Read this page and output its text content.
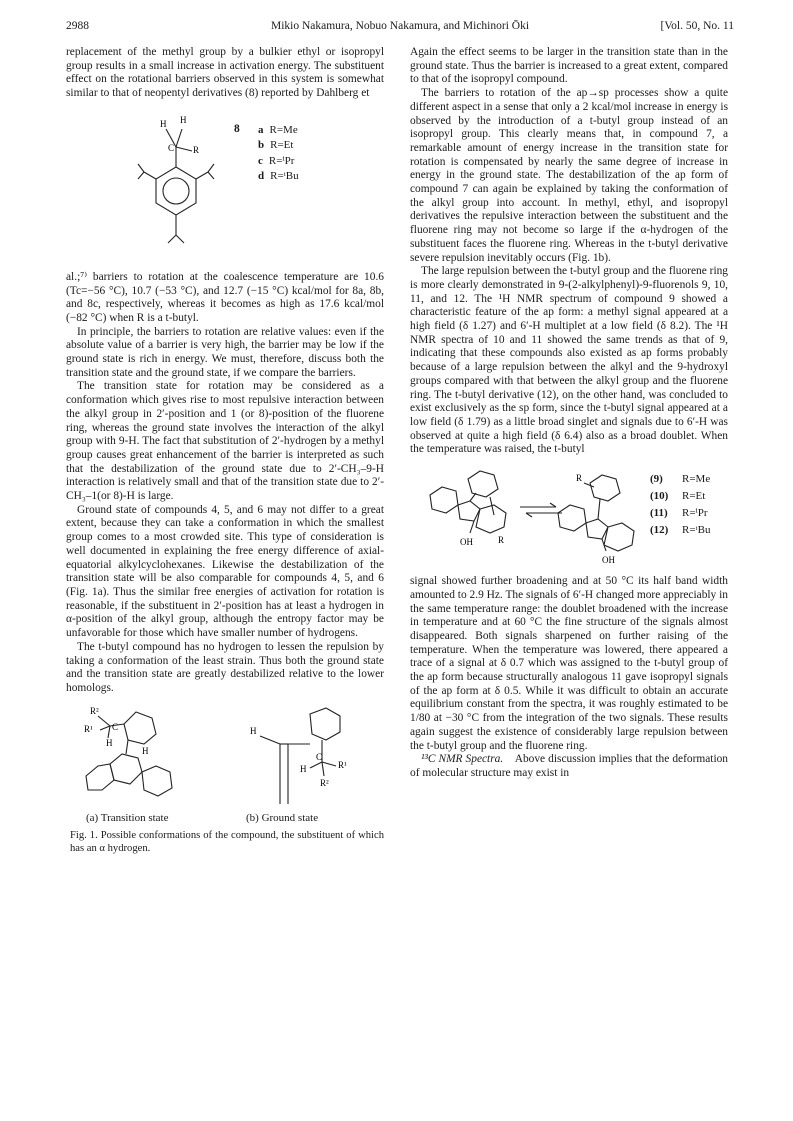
2988	Mikio Nakamura, Nobuo Nakamura, and Michinori Ōki	[Vol. 50, No. 11

replacement of the methyl group by a bulkier ethyl or isopropyl group results in a small increase in activation energy. The substituent effect on the rotational barriers observed in this system is somewhat similar to that of neopentyl derivatives (8) reported by Dahlberg et

H H
C R
8 a R=Me
b R=Et
c R=ⁱPr
d R=ᵗBu

al.;⁷⁾ barriers to rotation at the coalescence temperature are 10.6 (Tc=−56 °C), 10.7 (−53 °C), and 12.7 (−15 °C) kcal/mol for 8a, 8b, and 8c, respectively, whereas it becomes as high as 17.6 kcal/mol (−82 °C) when R is a t-butyl.

In principle, the barriers to rotation are relative values: even if the absolute value of a barrier is very high, the barrier may be low if the ground state is rich in energy. We must, therefore, discuss both the transition state and the ground state, if we compare the barriers.

The transition state for rotation may be considered as a conformation which gives rise to most repulsive interaction between the alkyl group in 2′-position and 1 (or 8)-position of the fluorene ring, whereas the ground state involves the interaction of the alkyl group with 9-H. The fact that substitution of 2′-hydrogen by a methyl group causes great enhancement of the barrier is interpreted as such that the destabilization of the ground state due to 2′-CH₃–9-H interaction is relatively small and that of the transition state due to 2′-CH₃–1(or 8)-H is large.

Ground state of compounds 4, 5, and 6 may not differ to a great extent, because they can take a conformation in which the smallest group comes to a most crowded site. This type of consideration is well documented in explaining the free energy difference of axial-equatorial alkylcyclohexanes. Likewise the destabilization of the transition state will be also comparable for compounds 4, 5, and 6 (Fig. 1a). Thus the similar free energies of activation for rotation is reasonable, if the substituent in 2′-position has at least a hydrogen in α-position of the alkyl group, although the entropy factor may be unfavorable for those which have smaller number of hydrogens.

The t-butyl compound has no hydrogen to lessen the repulsion by taking a conformation of the least strain. Thus both the ground state and the transition state are greatly destabilized relative to the lower homologs.

R²
R¹ C
H
H
H
H
C
R¹
R²
(a) Transition state	(b) Ground state

Fig. 1. Possible conformations of the compound, the substituent of which has an α hydrogen.

Again the effect seems to be larger in the transition state than in the ground state. Thus the barrier is increased to a great extent, compared to that of the isopropyl compound.

The barriers to rotation of the ap→sp processes show a quite different aspect in a sense that only a 2 kcal/mol increase in energy is observed by the introduction of a t-butyl group instead of an isopropyl group. This clearly means that, in compound 7, a remarkable amount of energy increase in the transition state for rotation is compensated by nearly the same degree of increase in energy in the ground state. The destabilization of the ap form of compound 7 can again be explained by taking the conformation of the alkyl group into account. In methyl, ethyl, and isopropyl derivatives the repulsive interaction between the substituent and the fluorene ring may not become so large if the α-hydrogen of the substituent faces the fluorene ring. Whereas in the t-butyl derivative severe repulsion inevitably occurs (Fig. 1b).

The large repulsion between the t-butyl group and the fluorene ring is more clearly demonstrated in 9-(2-alkylphenyl)-9-fluorenols 9, 10, 11, and 12. The ¹H NMR spectrum of compound 9 showed a characteristic feature of the ap form: a methyl signal appeared at a high field (δ 1.27) and 6′-H multiplet at a low field (δ 8.2). The ¹H NMR spectra of 10 and 11 showed the same trends as that of 9, indicating that these compounds also existed as ap forms probably because of a large repulsion between the alkyl and the 9-hydroxyl groups compared with that between the alkyl group and the fluorene ring. The t-butyl derivative (12), on the other hand, was concluded to exist exclusively as the sp form, since the t-butyl signal appeared at a low field (δ 1.79) as a little broad singlet and signals due to 6′-H was observed at quite a high field (δ 6.4) also as a broad doublet. When the temperature was raised, the t-butyl

OH	R
OH
R	(9) R=Me
(10) R=Et
(11) R=ⁱPr
(12) R=ᵗBu

signal showed further broadening and at 50 °C its half band width amounted to 2.9 Hz. The signals of 6′-H changed more appreciably in the same temperature range: the doublet broadened with the increase in temperature and at 60 °C the fine structure of the signals almost disappeared. Both signals sharpened on further raising of the temperature. When the temperature was lowered, there appeared a trace of a signal at δ 0.7 which was assigned to the t-butyl group of the ap form because structurally analogous 11 gave isopropyl signals of the ap form at δ 0.5. While it was difficult to obtain an accurate equilibrium constant from the spectra, it was roughly estimated to be 1/80 at −30 °C from the integration of the two signals. These results again suggest the existence of considerably large repulsion between the t-butyl group and the fluorene ring.

¹³C NMR Spectra. Above discussion implies that the deformation of molecular structure may exist in
